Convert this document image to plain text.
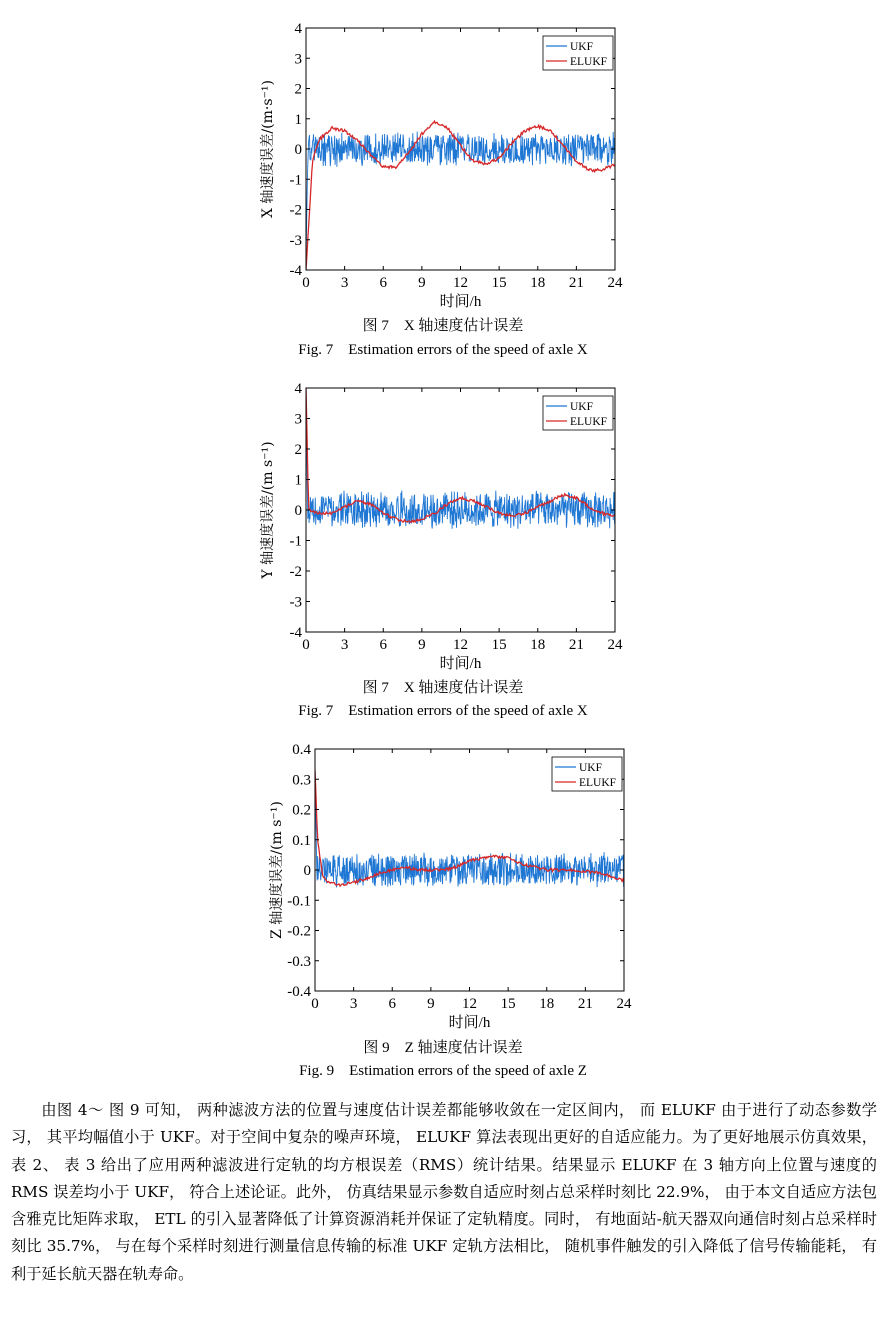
4
3
2
1
0
-1
-2
-3
-4
0 3 6 9 12 15 18 21 24
时间/h
X 轴速度误差/(m·s⁻¹)
UKF
ELUKF
图 7　X 轴速度估计误差
Fig. 7　Estimation errors of the speed of axle X
4
3
2
1
0
-1
-2
-3
-4
0 3 6 9 12 15 18 21 24
时间/h
Y 轴速度误差/(m s⁻¹)
UKF
ELUKF
图 7　X 轴速度估计误差
Fig. 7　Estimation errors of the speed of axle X
0.4
0.3
0.2
0.1
0
-0.1
-0.2
-0.3
-0.4
0 3 6 9 12 15 18 21 24
时间/h
Z 轴速度误差/(m s⁻¹)
UKF
ELUKF
图 9　Z 轴速度估计误差
Fig. 9　Estimation errors of the speed of axle Z

由图 4～ 图 9 可知， 两种滤波方法的位置与速度估计误差都能够收敛在一定区间内， 而 ELUKF 由于进行了动态参数学习， 其平均幅值小于 UKF。对于空间中复杂的噪声环境， ELUKF 算法表现出更好的自适应能力。为了更好地展示仿真效果， 表 2、 表 3 给出了应用两种滤波进行定轨的均方根误差（RMS）统计结果。结果显示 ELUKF 在 3 轴方向上位置与速度的 RMS 误差均小于 UKF， 符合上述论证。此外， 仿真结果显示参数自适应时刻占总采样时刻比 22.9%， 由于本文自适应方法包含雅克比矩阵求取， ETL 的引入显著降低了计算资源消耗并保证了定轨精度。同时， 有地面站-航天器双向通信时刻占总采样时刻比 35.7%， 与在每个采样时刻进行测量信息传输的标准 UKF 定轨方法相比， 随机事件触发的引入降低了信号传输能耗， 有利于延长航天器在轨寿命。
